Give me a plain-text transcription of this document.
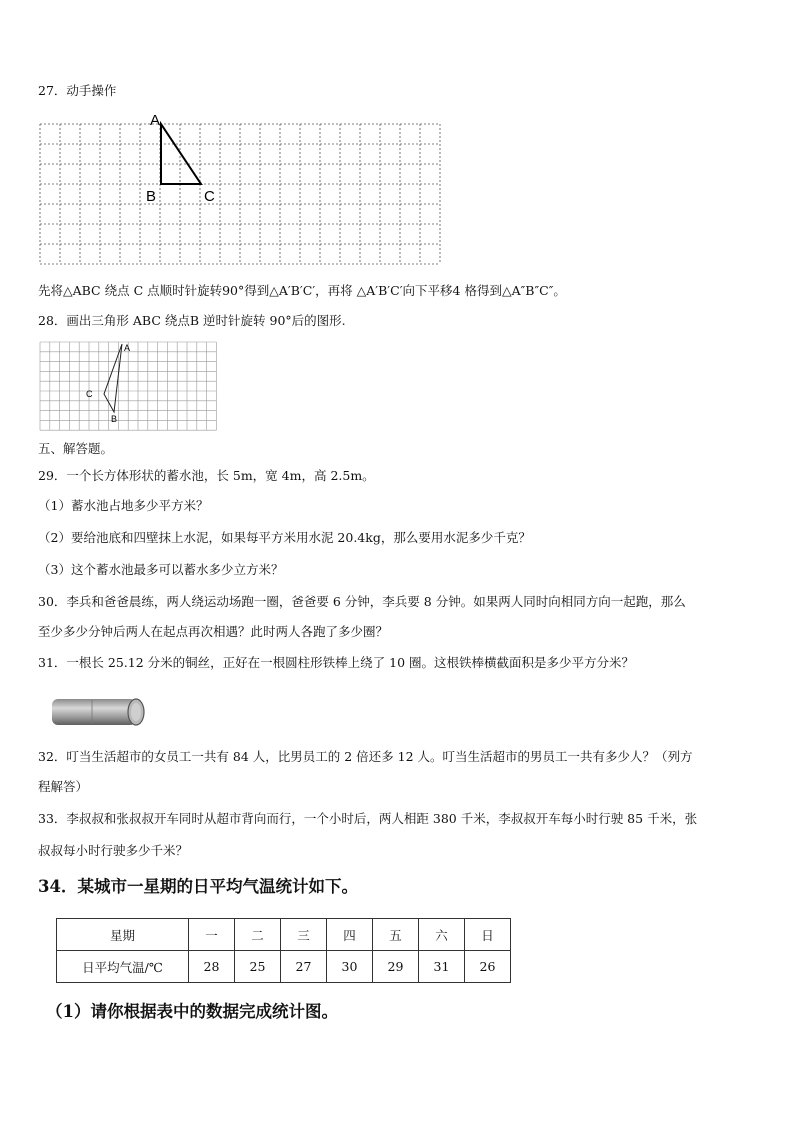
27．动手操作
A
B	C
先将△ABC 绕点 C 点顺时针旋转90°得到△A′B′C′，再将 △A′B′C′向下平移4 格得到△A″B″C″。
28．画出三角形 ABC 绕点B 逆时针旋转 90°后的图形.
A
C
B
五、解答题。
29．一个长方体形状的蓄水池，长 5m，宽 4m，高 2.5m。
（1）蓄水池占地多少平方米？
（2）要给池底和四壁抹上水泥，如果每平方米用水泥 20.4kg，那么要用水泥多少千克？
（3）这个蓄水池最多可以蓄水多少立方米？
30．李兵和爸爸晨练，两人绕运动场跑一圈，爸爸要 6 分钟，李兵要 8 分钟。如果两人同时向相同方向一起跑，那么
至少多少分钟后两人在起点再次相遇？此时两人各跑了多少圈？
31．一根长 25.12 分米的铜丝，正好在一根圆柱形铁棒上绕了 10 圈。这根铁棒横截面积是多少平方分米？
32．叮当生活超市的女员工一共有 84 人，比男员工的 2 倍还多 12 人。叮当生活超市的男员工一共有多少人？（列方
程解答）
33．李叔叔和张叔叔开车同时从超市背向而行，一个小时后，两人相距 380 千米，李叔叔开车每小时行驶 85 千米，张
叔叔每小时行驶多少千米？
34．某城市一星期的日平均气温统计如下。
星期	一	二	三	四	五	六	日
日平均气温/℃	28	25	27	30	29	31	26
（1）请你根据表中的数据完成统计图。
